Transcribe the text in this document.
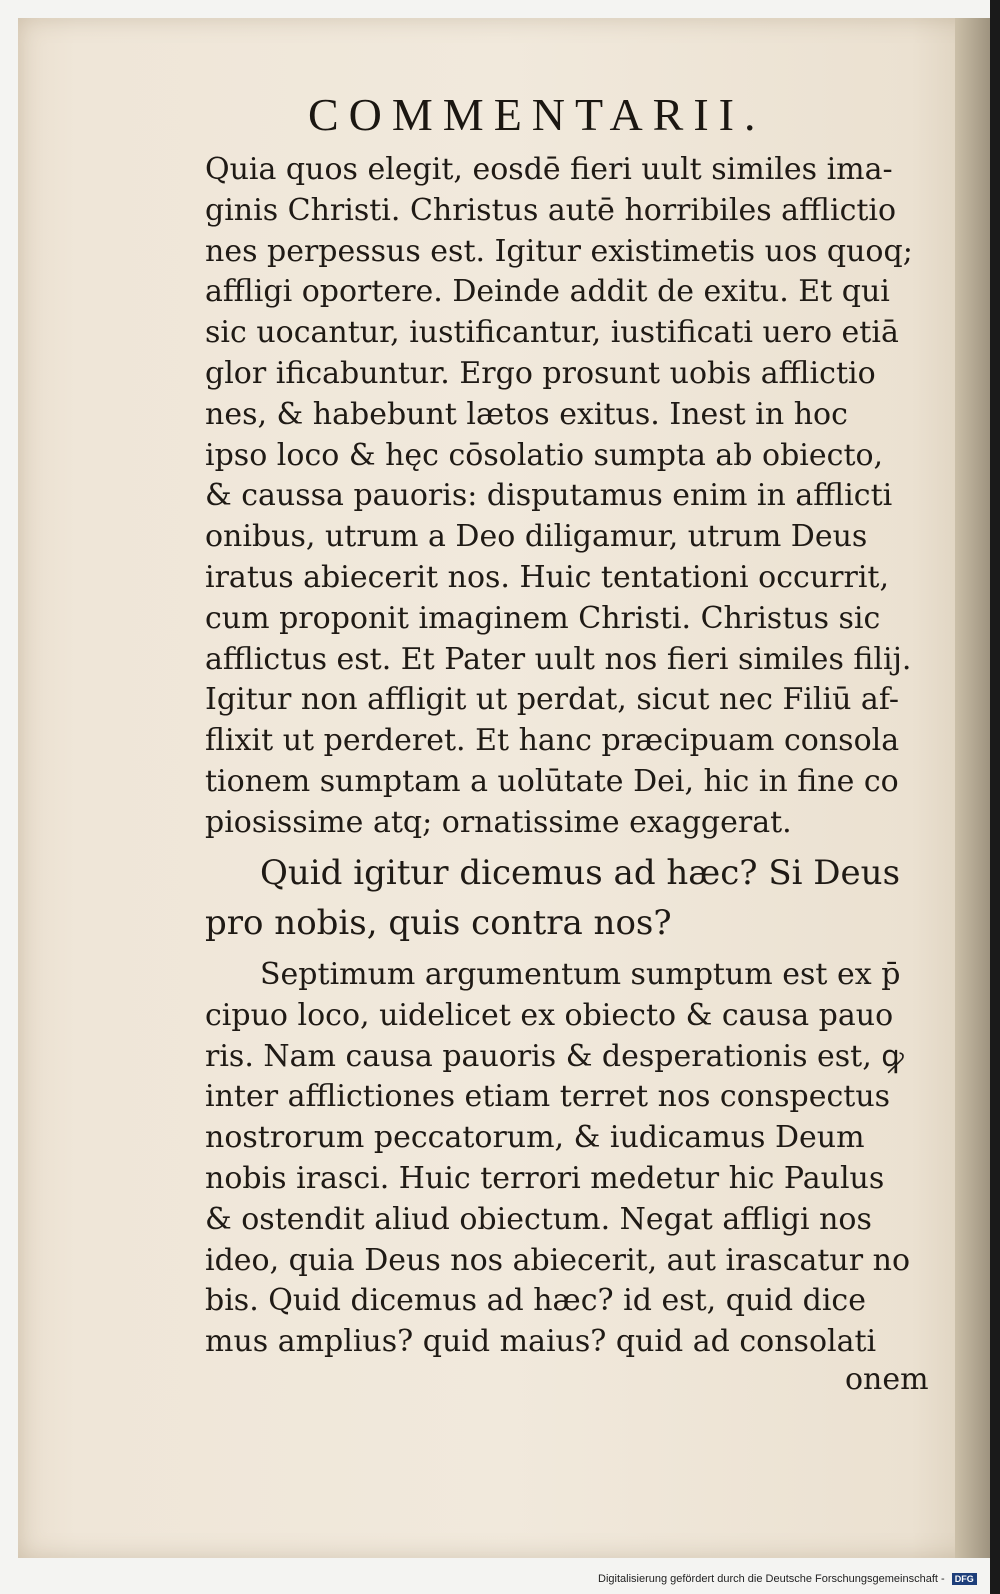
COMMENTARII.
Quia quos elegit, eosdē fieri uult similes ima-
ginis Christi. Christus autē horribiles afflictio
nes perpessus est. Igitur existimetis uos quoq;
affligi oportere. Deinde addit de exitu. Et qui
sic uocantur, iustificantur, iustificati uero etiā
glor ificabuntur. Ergo prosunt uobis afflictio
nes, & habebunt lætos exitus. Inest in hoc
ipso loco & hęc cōsolatio sumpta ab obiecto,
& caussa pauoris: disputamus enim in afflicti
onibus, utrum a Deo diligamur, utrum Deus
iratus abiecerit nos. Huic tentationi occurrit,
cum proponit imaginem Christi. Christus sic
afflictus est. Et Pater uult nos fieri similes filij.
Igitur non affligit ut perdat, sicut nec Filiū af-
flixit ut perderet. Et hanc præcipuam consola
tionem sumptam a uolūtate Dei, hic in fine co
piosissime atq; ornatissime exaggerat.
Quid igitur dicemus ad hæc? Si Deus
pro nobis, quis contra nos?
Septimum argumentum sumptum est ex p̄
cipuo loco, uidelicet ex obiecto & causa pauo
ris. Nam causa pauoris & desperationis est, ꝙ
inter afflictiones etiam terret nos conspectus
nostrorum peccatorum, & iudicamus Deum
nobis irasci. Huic terrori medetur hic Paulus
& ostendit aliud obiectum. Negat affligi nos
ideo, quia Deus nos abiecerit, aut irascatur no
bis. Quid dicemus ad hæc? id est, quid dice
mus amplius? quid maius? quid ad consolati
onem
Digitalisierung gefördert durch die Deutsche Forschungsgemeinschaft - DFG
